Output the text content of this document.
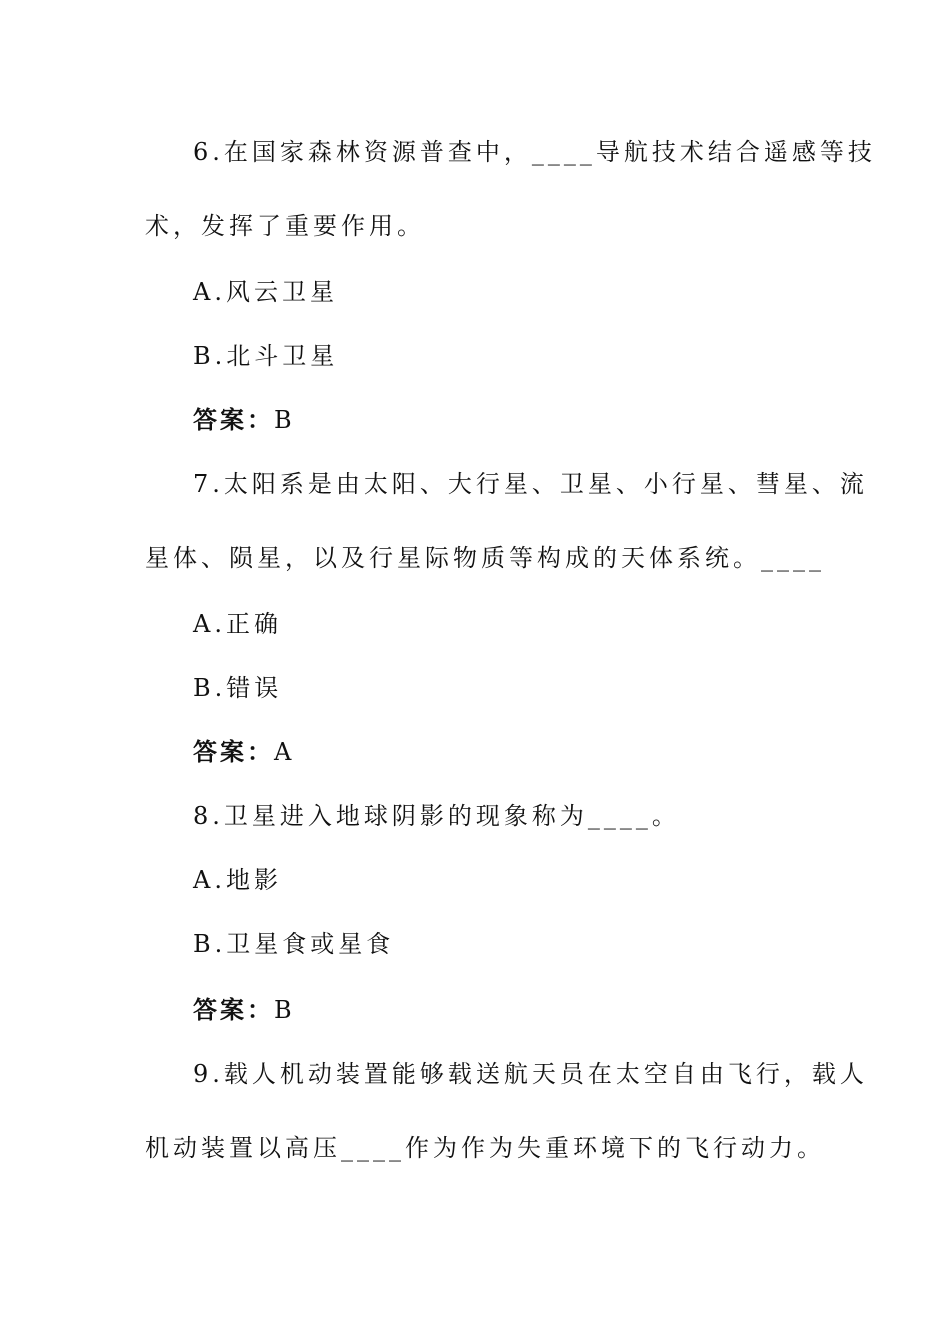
6.在国家森林资源普查中，____导航技术结合遥感等技
术，发挥了重要作用。
A.风云卫星
B.北斗卫星
答案：B
7.太阳系是由太阳、大行星、卫星、小行星、彗星、流
星体、陨星，以及行星际物质等构成的天体系统。____
A.正确
B.错误
答案：A
8.卫星进入地球阴影的现象称为____。
A.地影
B.卫星食或星食
答案：B
9.载人机动装置能够载送航天员在太空自由飞行，载人
机动装置以高压____作为作为失重环境下的飞行动力。
